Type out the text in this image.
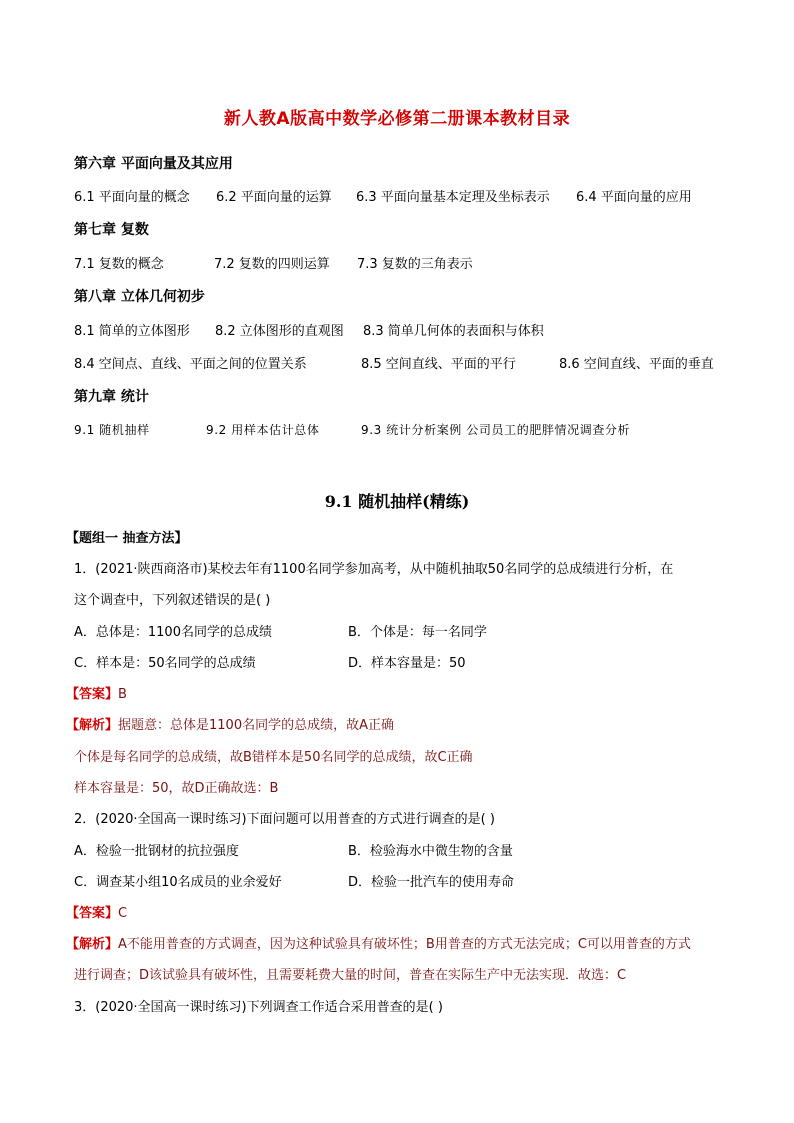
新人教A版高中数学必修第二册课本教材目录
第六章 平面向量及其应用
6.1 平面向量的概念 6.2 平面向量的运算 6.3 平面向量基本定理及坐标表示 6.4 平面向量的应用
第七章 复数
7.1 复数的概念	7.2 复数的四则运算 7.3 复数的三角表示
第八章 立体几何初步
8.1 简单的立体图形 8.2 立体图形的直观图 8.3 简单几何体的表面积与体积
8.4 空间点、直线、平面之间的位置关系	8.5 空间直线、平面的平行	8.6 空间直线、平面的垂直
第九章 统计
9.1 随机抽样	9.2 用样本估计总体	9.3 统计分析案例 公司员工的肥胖情况调查分析
9.1 随机抽样(精练)
【题组一 抽查方法】
1．(2021·陕西商洛市)某校去年有1100名同学参加高考，从中随机抽取50名同学的总成绩进行分析，在
这个调查中，下列叙述错误的是( )
A．总体是：1100名同学的总成绩	B．个体是：每一名同学
C．样本是：50名同学的总成绩	D．样本容量是：50
【答案】B
【解析】据题意：总体是1100名同学的总成绩，故A正确
个体是每名同学的总成绩，故B错样本是50名同学的总成绩，故C正确
样本容量是：50，故D正确故选：B
2．(2020·全国高一课时练习)下面问题可以用普查的方式进行调查的是( )
A．检验一批钢材的抗拉强度	B．检验海水中微生物的含量
C．调查某小组10名成员的业余爱好	D．检验一批汽车的使用寿命
【答案】C
【解析】A不能用普查的方式调查，因为这种试验具有破坏性；B用普查的方式无法完成；C可以用普查的方式
进行调查；D该试验具有破坏性，且需要耗费大量的时间，普查在实际生产中无法实现．故选：C
3．(2020·全国高一课时练习)下列调查工作适合采用普查的是( )
